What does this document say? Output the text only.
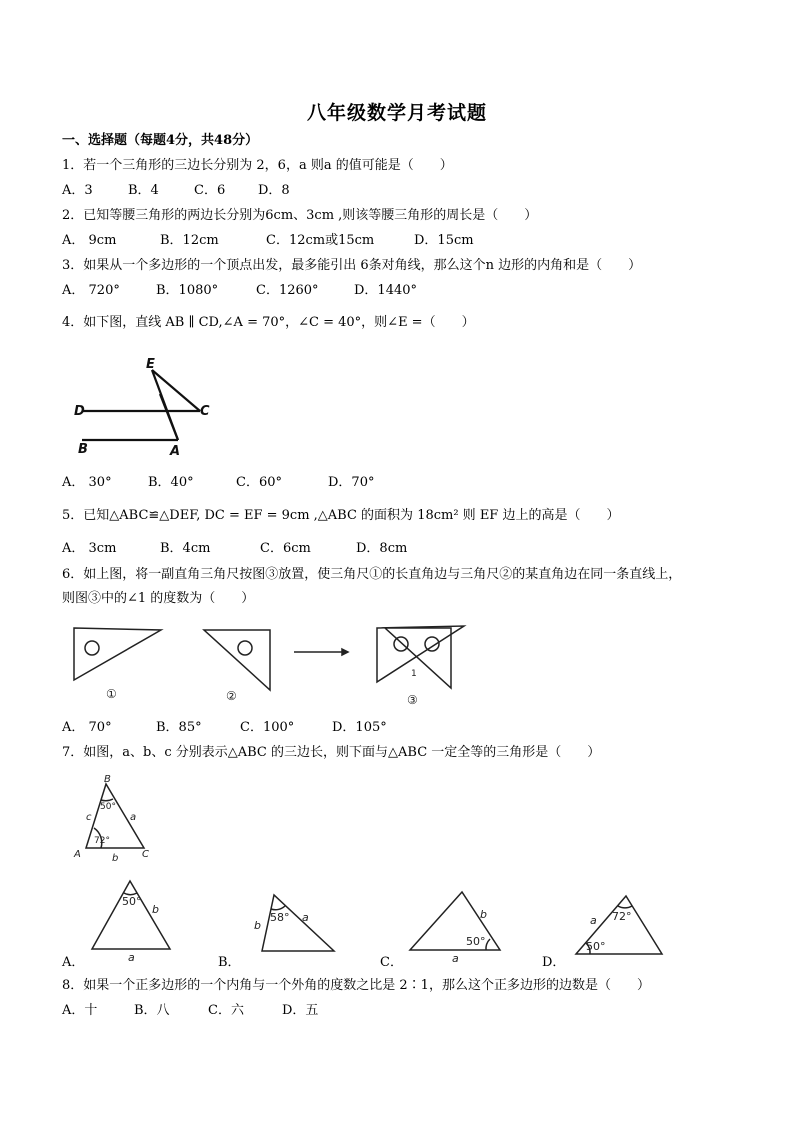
八年级数学月考试题
一、选择题（每题4分，共48分）
1．若一个三角形的三边长分别为 2，6，a 则a 的值可能是（　　）
A．3	B．4	C．6	D．8
2．已知等腰三角形的两边长分别为6cm、3cm ,则该等腰三角形的周长是（　　）
A． 9cm	B．12cm	C．12cm或15cm	D．15cm
3．如果从一个多边形的一个顶点出发，最多能引出 6条对角线，那么这个n 边形的内角和是（　　）
A． 720°	B．1080°	C．1260°	D．1440°
4．如下图，直线 AB ∥ CD,∠A = 70°，∠C = 40°，则∠E =（　　）
E
D	C
B	A
A． 30°	B．40°	C．60°	D．70°
5．已知△ABC≌△DEF, DC = EF = 9cm ,△ABC 的面积为 18cm² 则 EF 边上的高是（　　）
A． 3cm	B．4cm	C．6cm	D．8cm
6．如上图，将一副直角三角尺按图③放置，使三角尺①的长直角边与三角尺②的某直角边在同一条直线上，
则图③中的∠1 的度数为（　　）
①	②	③
1
A． 70°	B．85°	C．100°	D．105°
7．如图，a、b、c 分别表示△ABC 的三边长，则下面与△ABC 一定全等的三角形是（　　）
B
A	C
c	a
b
50°
72°
50°
b
a
A．
58°
b
a
B．
50°
b
a
C．
72°
a
50°
D．
8．如果一个正多边形的一个内角与一个外角的度数之比是 2∶1，那么这个正多边形的边数是（　　）
A．十	B．八	C．六	D．五
